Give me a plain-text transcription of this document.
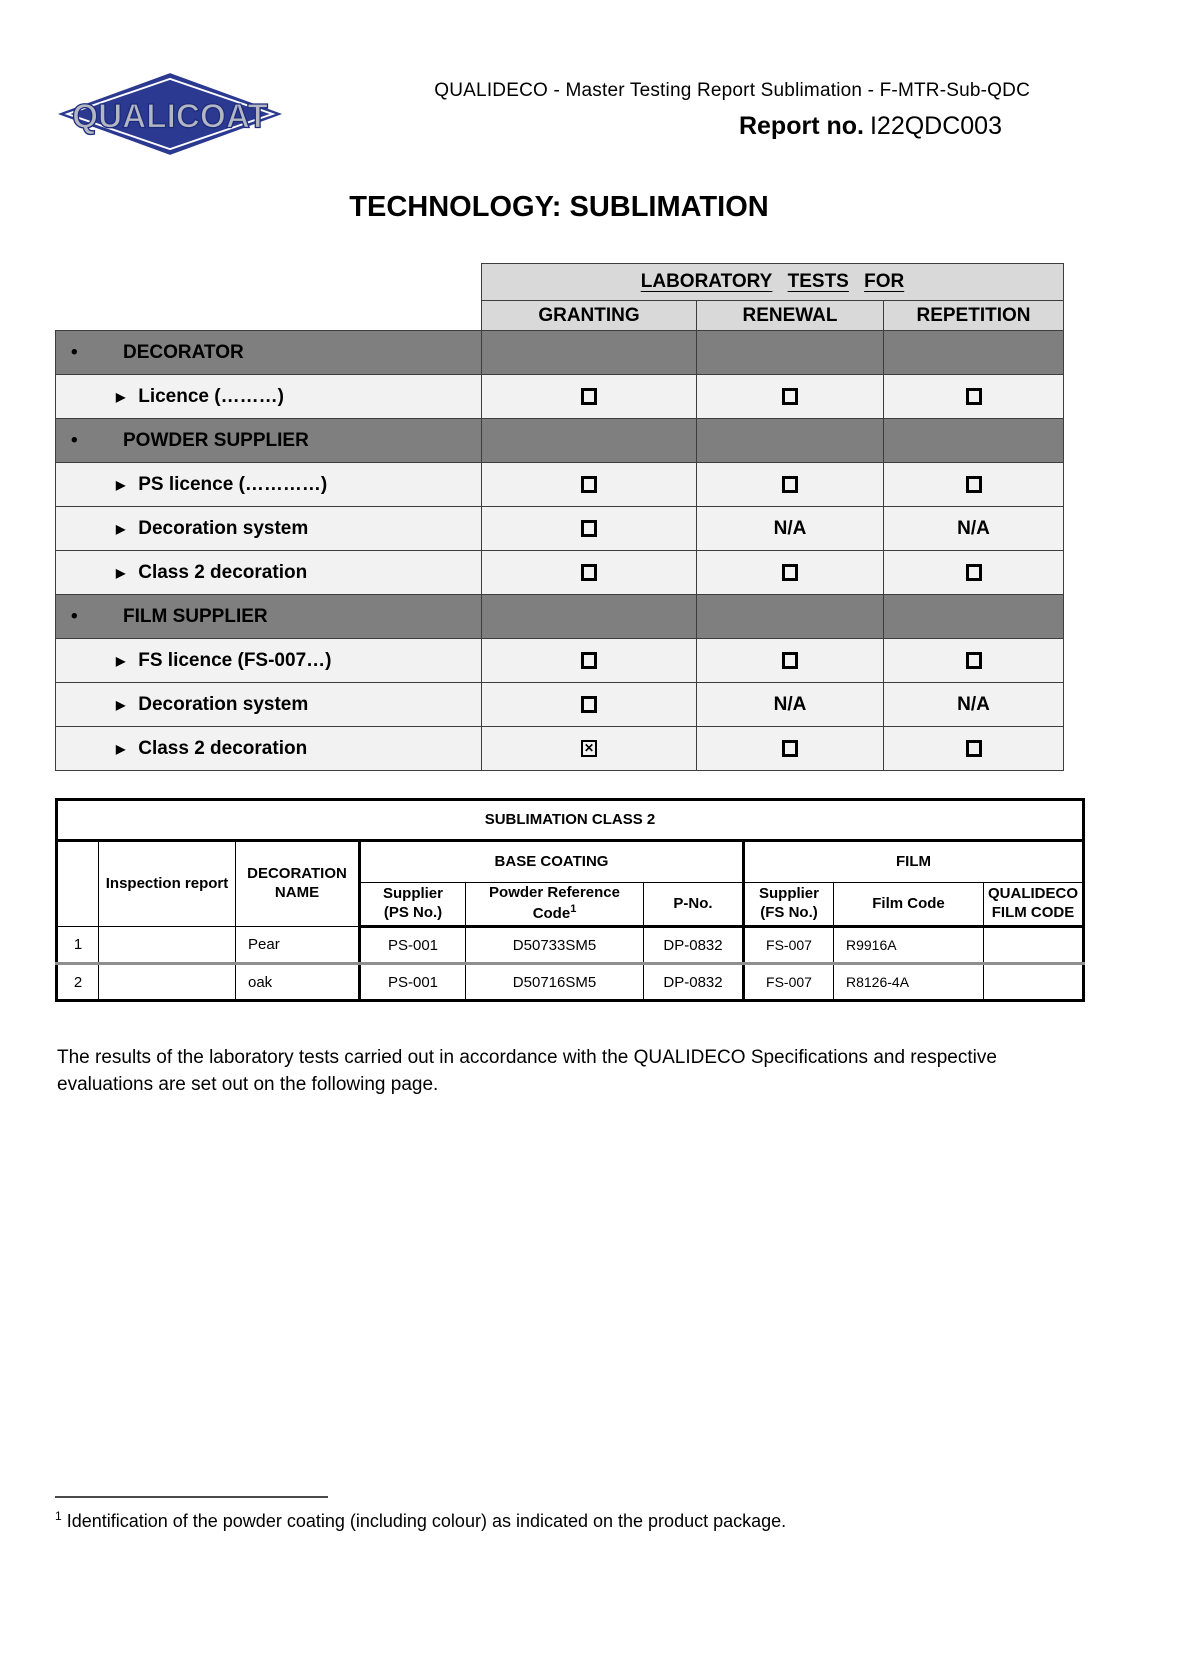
QUALICOAT
QUALIDECO - Master Testing Report Sublimation - F-MTR-Sub-QDC
Report no. I22QDC003
TECHNOLOGY: SUBLIMATION
	LABORATORY TESTS FOR		
	GRANTING	RENEWAL	REPETITION
• DECORATOR			
▶ Licence (………)			
• POWDER SUPPLIER			
▶ PS licence (…………)			
▶ Decoration system		N/A	N/A
▶ Class 2 decoration			
• FILM SUPPLIER			
▶ FS licence (FS-007…)			
▶ Decoration system		N/A	N/A
▶ Class 2 decoration	✕		
SUBLIMATION CLASS 2								
	Inspection report	DECORATION NAME	BASE COATING			FILM		
			Supplier
(PS No.)	Powder Reference
Code$^1$	P-No.	Supplier
(FS No.)	Film Code	QUALIDECO
FILM CODE
1		Pear	PS-001	D50733SM5	DP-0832	FS-007	R9916A	
2		oak	PS-001	D50716SM5	DP-0832	FS-007	R8126-4A	
The results of the laboratory tests carried out in accordance with the QUALIDECO Specifications and respective evaluations are set out on the following page.
$^1$ Identification of the powder coating (including colour) as indicated on the product package.
